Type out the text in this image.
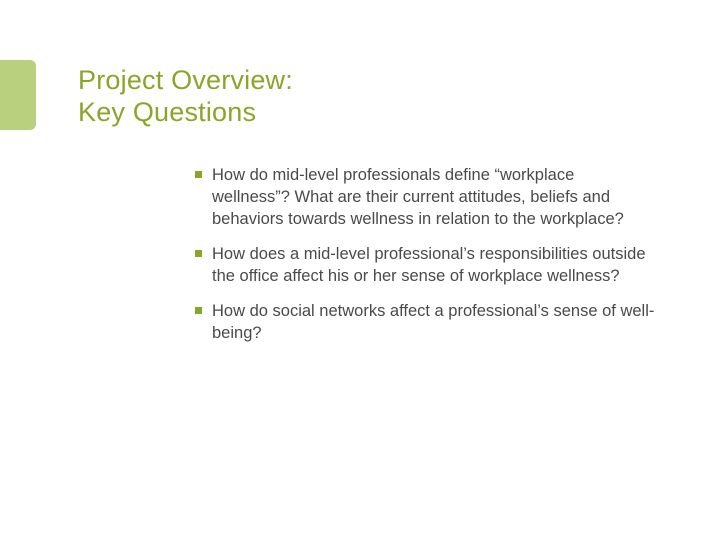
Project Overview:
Key Questions
How do mid-level professionals define “workplace wellness”? What are their current attitudes, beliefs and behaviors towards wellness in relation to the workplace?
How does a mid-level professional’s responsibilities outside the office affect his or her sense of workplace wellness?
How do social networks affect a professional’s sense of well-being?
